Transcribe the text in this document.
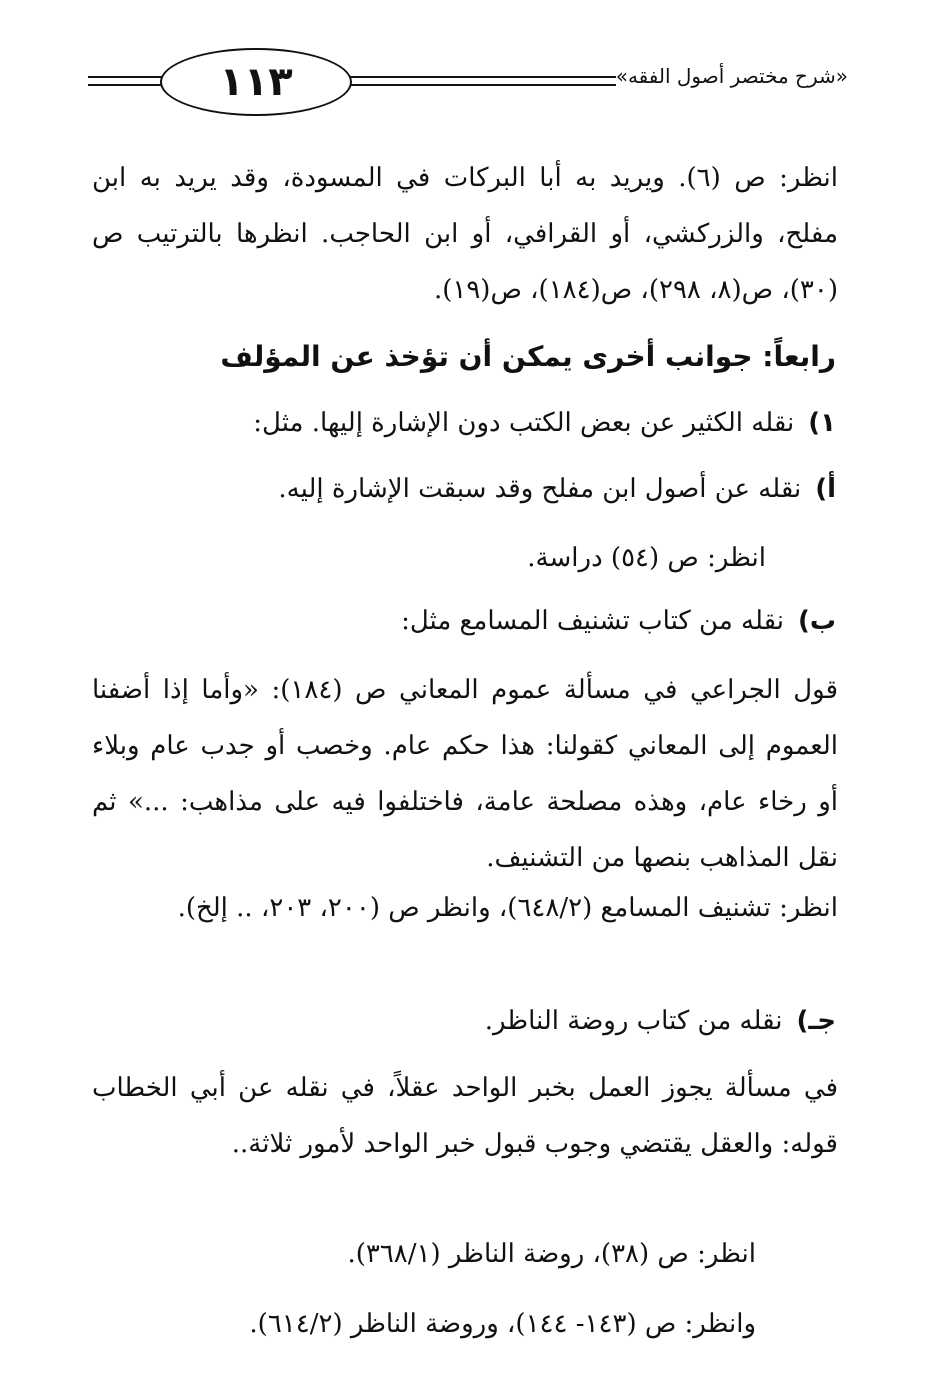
١١٣	«شرح مختصر أصول الفقه»
انظر: ص (٦). ويريد به أبا البركات في المسودة، وقد يريد به ابن مفلح، والزركشي، أو القرافي، أو ابن الحاجب. انظرها بالترتيب ص (٣٠)، ص(٨، ٢٩٨)، ص(١٨٤)، ص(١٩).
رابعاً: جوانب أخرى يمكن أن تؤخذ عن المؤلف
١)نقله الكثير عن بعض الكتب دون الإشارة إليها. مثل:
أ)نقله عن أصول ابن مفلح وقد سبقت الإشارة إليه.
انظر: ص (٥٤) دراسة.
ب)نقله من كتاب تشنيف المسامع مثل:
قول الجراعي في مسألة عموم المعاني ص (١٨٤): «وأما إذا أضفنا العموم إلى المعاني كقولنا: هذا حكم عام. وخصب أو جدب عام وبلاء أو رخاء عام، وهذه مصلحة عامة، فاختلفوا فيه على مذاهب: ...» ثم نقل المذاهب بنصها من التشنيف.
انظر: تشنيف المسامع (٦٤٨/٢)، وانظر ص (٢٠٠، ٢٠٣، .. إلخ).
جـ)نقله من كتاب روضة الناظر.
في مسألة يجوز العمل بخبر الواحد عقلاً، في نقله عن أبي الخطاب قوله: والعقل يقتضي وجوب قبول خبر الواحد لأمور ثلاثة..
انظر: ص (٣٨)، روضة الناظر (٣٦٨/١).
وانظر: ص (١٤٣- ١٤٤)، وروضة الناظر (٦١٤/٢).
